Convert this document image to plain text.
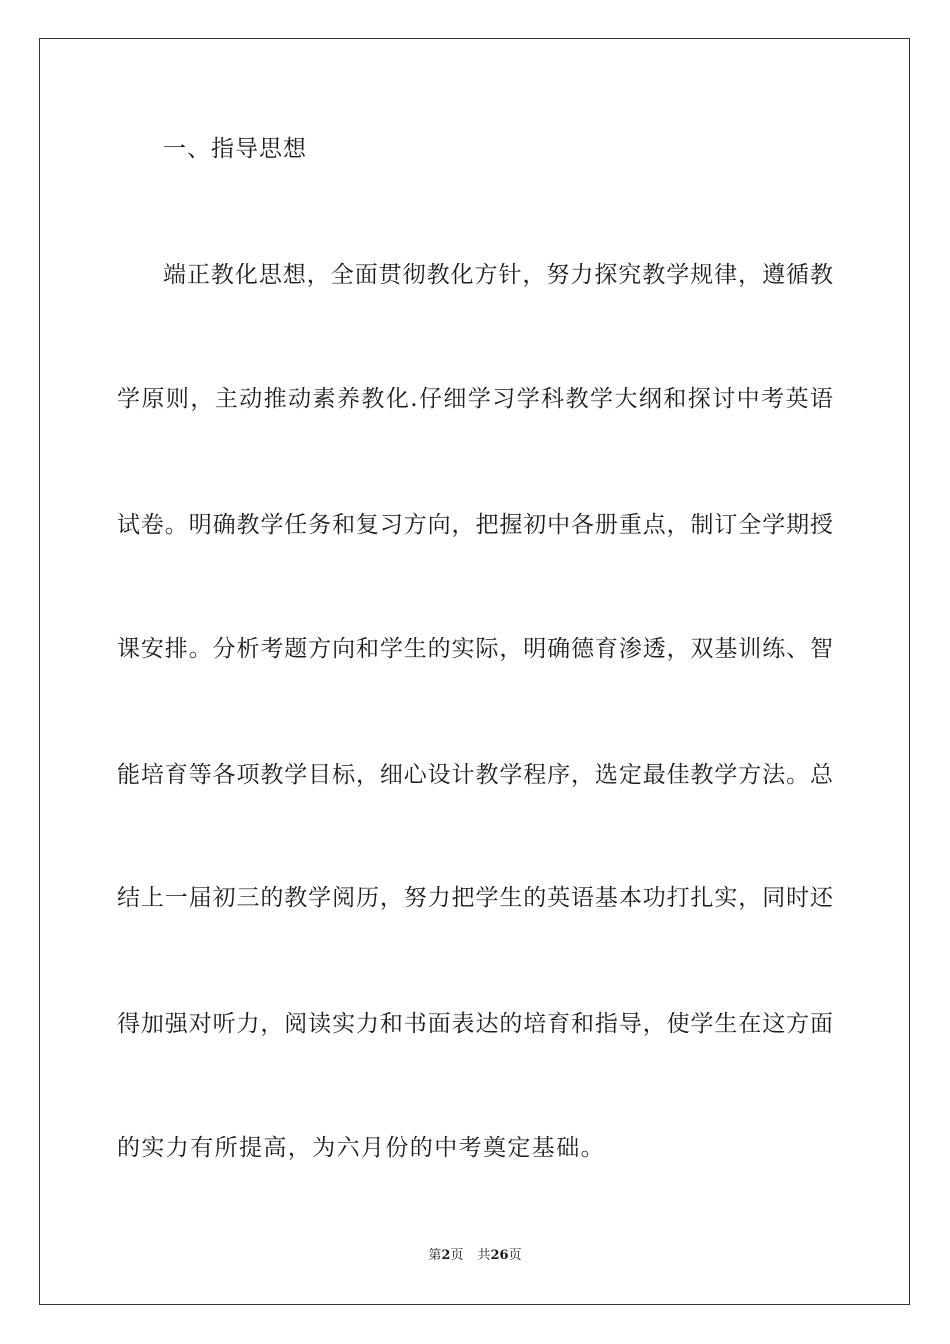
一、指导思想
端正教化思想，全面贯彻教化方针，努力探究教学规律，遵循教
学原则，主动推动素养教化.仔细学习学科教学大纲和探讨中考英语
试卷。明确教学任务和复习方向，把握初中各册重点，制订全学期授
课安排。分析考题方向和学生的实际，明确德育渗透，双基训练、智
能培育等各项教学目标，细心设计教学程序，选定最佳教学方法。总
结上一届初三的教学阅历，努力把学生的英语基本功打扎实，同时还
得加强对听力，阅读实力和书面表达的培育和指导，使学生在这方面
的实力有所提高，为六月份的中考奠定基础。
第2页 共26页
